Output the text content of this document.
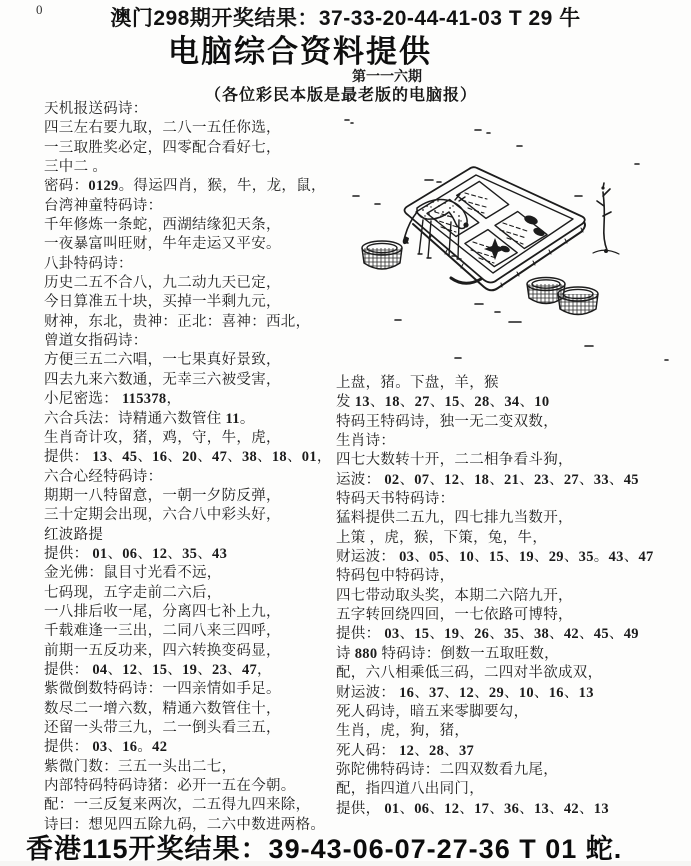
0	澳门298期开奖结果：37-33-20-44-41-03 T 29 牛
电脑综合资料提供
第一一六期
（各位彩民本版是最老版的电脑报）
天机报送码诗：
四三左右要九取，二八一五任你选，
一三取胜奖必定，四零配合看好七，
三中二 。
密码：0129。得运四肖，猴，牛，龙，鼠，
台湾神童特码诗：
千年修炼一条蛇，西湖结缘犯天条，
一夜暴富叫旺财，牛年走运又平安。
八卦特码诗：
历史二五不合八，九二动九天已定，
今日算准五十块，买掉一半剩九元，
财神，东北，贵神：正北：喜神：西北，
曾道女指码诗：
方便三五二六唱，一七果真好景致，
四去九来六数通，无幸三六被受害，
小尼密选： 115378，
六合兵法：诗精通六数管住 11。
生肖奇计攻，猪，鸡，守，牛，虎，
提供： 13、45、16、20、47、38、18、01，
六合心经特码诗：
期期一八特留意，一朝一夕防反弹，
三十定期会出现，六合八中彩头好，
红波路提
提供： 01、06、12、35、43
金光佛：鼠目寸光看不远，
七码现，五字走前二六后，
一八排后收一尾，分离四七补上九，
千载难逢一三出，二同八来三四呼，
前期一五反功来，四六转换变码显，
提供： 04、12、15、19、23、47，
紫微倒数特码诗：一四亲情如手足。
数尽二一增六数，精通六数管住十，
还留一头带三九，二一倒头看三五，
提供： 03、16。42
紫微门数：三五一头出二七，
内部特码特码诗猪：必开一五在今朝。
配：一三反复来两次，二五得九四来除，
诗曰：想见四五除九码，二六中数进两格。
上盘，猪。下盘，羊，猴
发 13、18、27、15、28、34、10
特码王特码诗，独一无二变双数，
生肖诗：
四七大数转十开，二二相争看斗狗，
运波： 02、07、12、18、21、23、27、33、45
特码天书特码诗：
猛料提供二五九，四七排九当数开，
上策 ，虎，猴，下策，兔，牛，
财运波： 03、05、10、15、19、29、35。43、47
特码包中特码诗，
四七带动取头奖，本期二六陪九开，
五字转回绕四回，一七依路可博特，
提供： 03、15、19、26、35、38、42、45、49
诗 880 特码诗：倒数一五取旺数，
配，六八相乘低三码，二四对半欲成双，
财运波： 16、37、12、29、10、16、13
死人码诗，暗五来零脚要勾，
生肖，虎，狗，猪，
死人码： 12、28、37
弥陀佛特码诗：二四双数看九尾，
配，指四道八出同门，
提供， 01、06、12、17、36、13、42、13
香港115开奖结果：39-43-06-07-27-36 T 01 蛇.
